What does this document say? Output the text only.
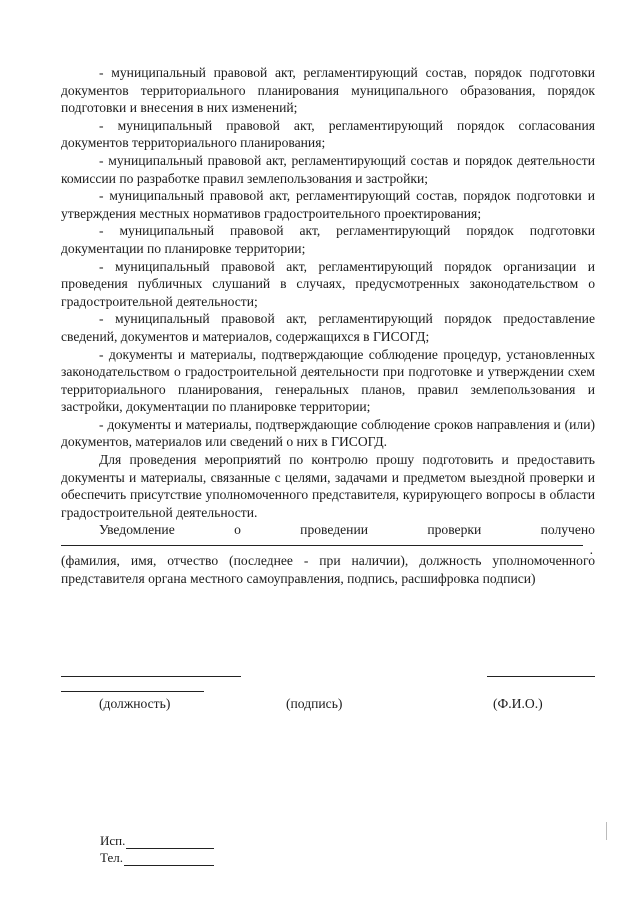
- муниципальный правовой акт, регламентирующий состав, порядок подготовки документов территориального планирования муниципального образования, порядок подготовки и внесения в них изменений;

- муниципальный правовой акт, регламентирующий порядок согласования документов территориального планирования;

- муниципальный правовой акт, регламентирующий состав и порядок деятельности комиссии по разработке правил землепользования и застройки;

- муниципальный правовой акт, регламентирующий состав, порядок подготовки и утверждения местных нормативов градостроительного проектирования;

- муниципальный правовой акт, регламентирующий порядок подготовки документации по планировке территории;

- муниципальный правовой акт, регламентирующий порядок организации и проведения публичных слушаний в случаях, предусмотренных законодательством о градостроительной деятельности;

- муниципальный правовой акт, регламентирующий порядок предоставление сведений, документов и материалов, содержащихся в ГИСОГД;

- документы и материалы, подтверждающие соблюдение процедур, установленных законодательством о градостроительной деятельности при подготовке и утверждении схем территориального планирования, генеральных планов, правил землепользования и застройки, документации по планировке территории;

- документы и материалы, подтверждающие соблюдение сроков направления и (или) документов, материалов или сведений о них в ГИСОГД.

Для проведения мероприятий по контролю прошу подготовить и предоставить документы и материалы, связанные с целями, задачами и предметом выездной проверки и обеспечить присутствие уполномоченного представителя, курирующего вопросы в области градостроительной деятельности.

Уведомление	о	проведении	проверки	получено

.

(фамилия, имя, отчество (последнее - при наличии), должность уполномоченного представителя органа местного самоуправления, подпись, расшифровка подписи)

(должность)	(подпись)	(Ф.И.О.)
Исп.
Тел.
